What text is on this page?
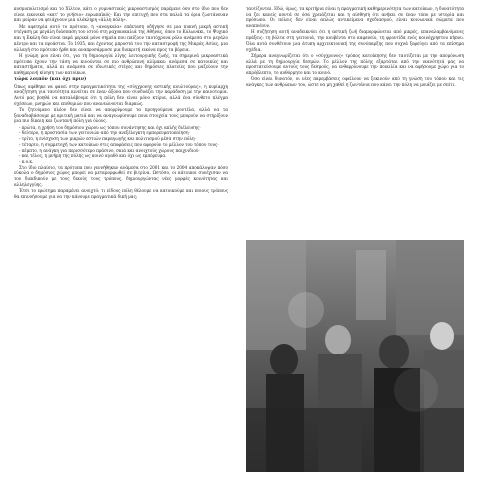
κοσμοπολιτισμό και το Χίλτον, κάτι ο γυμναστικός μικροαστισμός παρέμενε όσο στο ίδιο που δεν είναι εικονικά «κατ' το γνήσιο» ευρωπαϊκός· Και την επιτυχή που στα παλιά τα όρια ζωντάνευαν και μοίραν να φτιάχνουν μια ολόκληρη «άλλη πόλη».

Με αφετηρία αυτό το πρότυπο, η «αναγκαία» επέκταση οδήγησε σε μια πυκνή μικρή αστική στέγαση με μεγάλη διάσπαση του ιστού στη ραχοκοκαλιά της Αθήνας, όπου το Κολωνάκι, το Ψυχικό και η Εκάλη δεν είναι παρά μερικά μόνο σημεία που παίζουν ταυτόχρονα ρόλο ανάμεσα στο μεγάλο κέντρο και τα προάστια. Το 1935, και έχοντας μπροστά του την καταστροφή της Μικράς Ασίας, μια αλλαγή στο πρότυπο ήρθε και αναπροσάρμοσε μια διακριτή εικόνα προς τα βόρεια.

Η γνώμη μου είναι ότι, για τη δημιουργία λίγης λειτουργικής ζωής, τα σημερινά μικροαστικά πρότυπα έχουν την τάση να κινούνται σε πιο ανθρώπινη κλίμακα: ανάμεσα σε κατοικίες και καταστήματα, αλλά κι ανάμεσα σε ιδιωτικές στέγες και δημόσιες πλατείες που μαζεύουν την καθημερινή κίνηση των κατοίκων.

τώρα λοιπόν (και όχι πριν)

Όπως αφέθηκε να φανεί στην πραγματικότητα της «σύγχρονης αστικής κουλτούρας», η κυρίαρχη αναζήτηση για ταυτότητα κινείται σε έναν άξονα που συνδυάζει την παράδοση με την καινοτομία. Αυτό μας βοηθά να καταλάβουμε ότι η πόλη δεν είναι μόνο κτίρια, αλλά ένα σύνθετο πλέγμα σχέσεων, μνημών και επιθυμιών που ανανεώνονται διαρκώς.

Το ζητούμενο πλέον δεν είναι να απορρίψουμε τα προηγούμενα μοντέλα, αλλά να τα ξαναδιαβάσουμε με κριτική ματιά και να αναγνωρίσουμε ποια στοιχεία τους μπορούν να στηρίξουν μια πιο δίκαιη και ζωντανή πόλη για όλους.

- πρώτα, η χρήση του δημόσιου χώρου ως τόπου συνάντησης και όχι απλής διέλευσης·
- δεύτερο, η προστασία των γειτονιών από την ανεξέλεγκτη εμπορευματοποίηση·
- τρίτο, η ενίσχυση των μικρών εστιών παραγωγής και πολιτισμού μέσα στην πόλη·
- τέταρτο, η συμμετοχή των κατοίκων στις αποφάσεις που αφορούν το μέλλον του τόπου τους·
- πέμπτο, η ανάγκη για περισσότερο πράσινο, σκιά και ανοιχτούς χώρους παιχνιδιού·
- και τέλος, η μνήμη της πόλης ως κοινό αγαθό και όχι ως εμπόρευμα.
- κ.ο.κ.

Στο ίδιο πλαίσιο, τα πρότυπα που γεννήθηκαν ανάμεσα στο 2001 και το 2004 αποκάλυψαν πόσο εύκολα ο δημόσιος χώρος μπορεί να μεταμορφωθεί σε βιτρίνα. Ωστόσο, οι κάτοικοι συνέχισαν να τον διεκδικούν με τους δικούς τους τρόπους, δημιουργώντας νέες μορφές κοινότητας και αλληλεγγύης.

Έτσι το ερώτημα παραμένει ανοιχτό: τι είδους πόλη θέλουμε να κατοικούμε και ποιους τρόπους θα επινοήσουμε για να την κάνουμε πραγματικά δική μας;

ταυτίζονται. Εδώ, όμως, τα κριτήρια είναι η πραγματική καθημερινότητα των κατοίκων, η δυνατότητα να ζει κανείς κοντά σε όσα χρειάζεται και η αίσθηση ότι ανήκει σε έναν τόπο με ιστορία και πρόσωπο. Οι πόλεις δεν είναι απλώς αντικείμενα σχεδιασμού, είναι κοινωνικά σώματα που αναπνέουν.

Η συζήτηση αυτή αναδεικνύει ότι η αστική ζωή διαμορφώνεται από μικρές, επαναλαμβανόμενες πράξεις: τη βόλτα στη γειτονιά, την κουβέντα στο καφενείο, τη φροντίδα ενός κοινόχρηστου κήπου. Όλα αυτά συνθέτουν μια άτυπη αρχιτεκτονική της συνύπαρξης που συχνά ξεφεύγει από τα επίσημα σχέδια.

Σήμερα αναγνωρίζεται ότι ο «σύγχρονος» τρόπος κατοίκησης δεν ταυτίζεται με την απομόνωση αλλά με τη δημιουργία δεσμών. Το μέλλον της πόλης εξαρτάται από την ικανότητά μας να προστατεύσουμε αυτούς τους δεσμούς, να ενθαρρύνουμε την ποικιλία και να αφήσουμε χώρο για το απρόβλεπτο, το αυθόρμητο και το κοινό.

Όσο είναι δυνατόν, οι νέες παρεμβάσεις οφείλουν να ξεκινούν από τη γνώση του τόπου και τις ανάγκες των ανθρώπων του, ώστε να μη χαθεί η ζωντάνια που κάνει την πόλη να μοιάζει με σπίτι.
